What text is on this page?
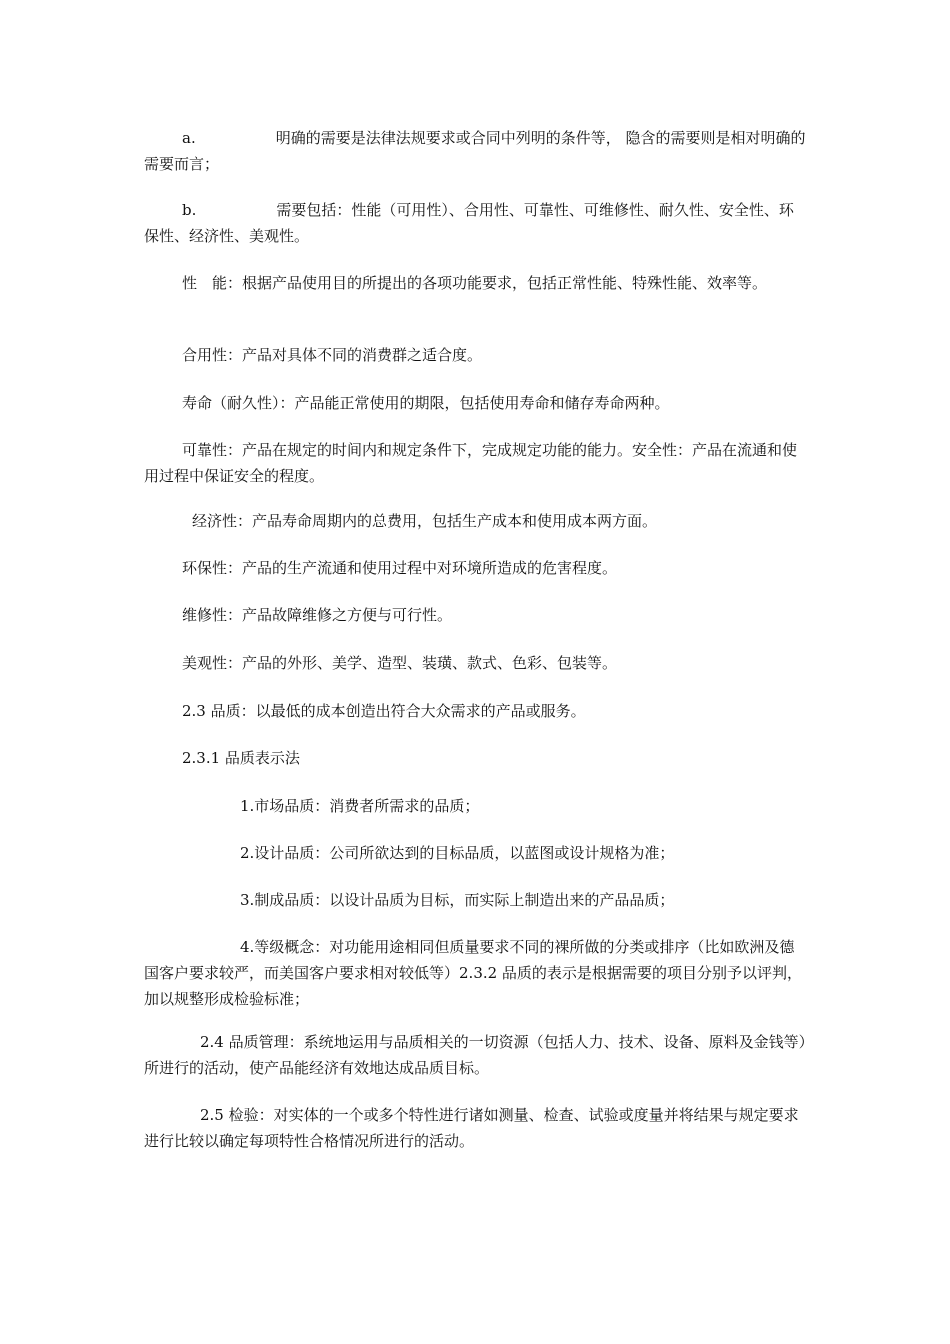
a.	明确的需要是法律法规要求或合同中列明的条件等， 隐含的需要则是相对明确的需要而言；

b.	需要包括：性能（可用性）、合用性、可靠性、可维修性、耐久性、安全性、环保性、经济性、美观性。

性　能：根据产品使用目的所提出的各项功能要求，包括正常性能、特殊性能、效率等。

合用性：产品对具体不同的消费群之适合度。

寿命（耐久性）：产品能正常使用的期限，包括使用寿命和储存寿命两种。

可靠性：产品在规定的时间内和规定条件下，完成规定功能的能力。安全性：产品在流通和使用过程中保证安全的程度。

经济性：产品寿命周期内的总费用，包括生产成本和使用成本两方面。

环保性：产品的生产流通和使用过程中对环境所造成的危害程度。

维修性：产品故障维修之方便与可行性。

美观性：产品的外形、美学、造型、装璜、款式、色彩、包装等。

2.3 品质：以最低的成本创造出符合大众需求的产品或服务。

2.3.1 品质表示法

1.市场品质：消费者所需求的品质；

2.设计品质：公司所欲达到的目标品质，以蓝图或设计规格为准；

3.制成品质：以设计品质为目标，而实际上制造出来的产品品质；

4.等级概念：对功能用途相同但质量要求不同的裸所做的分类或排序（比如欧洲及德国客户要求较严，而美国客户要求相对较低等）2.3.2 品质的表示是根据需要的项目分别予以评判，加以规整形成检验标准；

2.4 品质管理：系统地运用与品质相关的一切资源（包括人力、技术、设备、原料及金钱等）所进行的活动，使产品能经济有效地达成品质目标。

2.5 检验：对实体的一个或多个特性进行诸如测量、检查、试验或度量并将结果与规定要求进行比较以确定每项特性合格情况所进行的活动。
